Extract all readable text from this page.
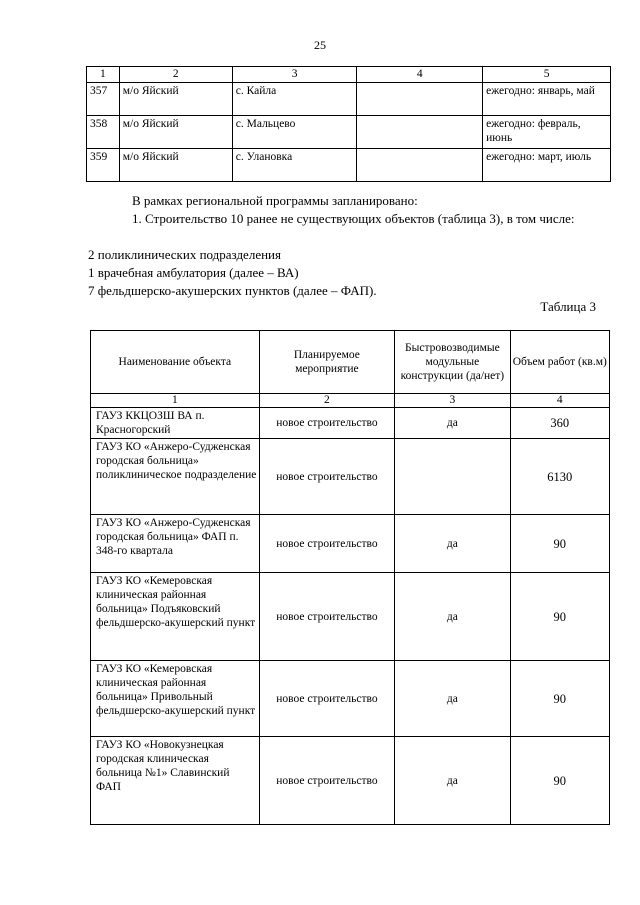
25
1	2	3	4	5
357	м/о Яйский	с. Кайла		ежегодно: январь, май
358	м/о Яйский	с. Мальцево		ежегодно: февраль, июнь
359	м/о Яйский	с. Улановка		ежегодно: март, июль
В рамках региональной программы запланировано:
1. Строительство 10 ранее не существующих объектов (таблица 3), в том числе:
2 поликлинических подразделения
1 врачебная амбулатория (далее – ВА)
7 фельдшерско-акушерских пунктов (далее – ФАП).
Таблица 3
Наименование объекта	Планируемое мероприятие	Быстровозводимые модульные конструкции (да/нет)	Объем работ (кв.м)
1	2	3	4
ГАУЗ ККЦОЗШ ВА п. Красногорский	новое строительство	да	360
ГАУЗ КО «Анжеро-Судженская городская больница» поликлиническое подразделение	новое строительство		6130
ГАУЗ КО «Анжеро-Судженская городская больница» ФАП п. 348-го квартала	новое строительство	да	90
ГАУЗ КО «Кемеровская клиническая районная больница» Подъяковский фельдшерско-акушерский пункт	новое строительство	да	90
ГАУЗ КО «Кемеровская клиническая районная больница» Привольный фельдшерско-акушерский пункт	новое строительство	да	90
ГАУЗ КО «Новокузнецкая городская клиническая больница №1» Славинский ФАП	новое строительство	да	90
